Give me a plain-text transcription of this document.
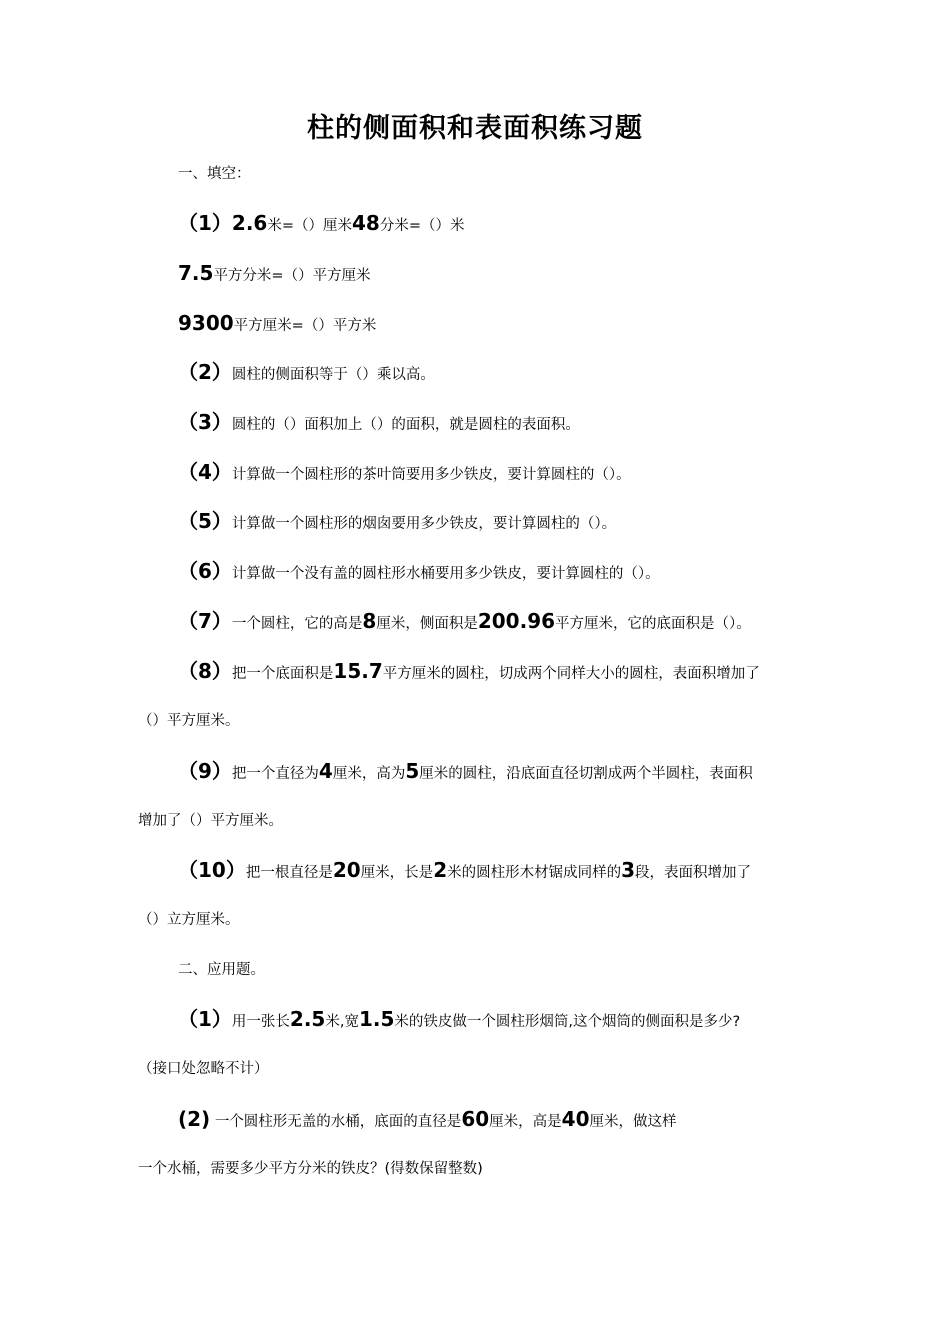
柱的侧面积和表面积练习题
一、填空：
（1）2.6米=（）厘米48分米=（）米
7.5平方分米=（）平方厘米
9300平方厘米=（）平方米
（2）圆柱的侧面积等于（）乘以高。
（3）圆柱的（）面积加上（）的面积，就是圆柱的表面积。
（4）计算做一个圆柱形的茶叶筒要用多少铁皮，要计算圆柱的（）。
（5）计算做一个圆柱形的烟囱要用多少铁皮，要计算圆柱的（）。
（6）计算做一个没有盖的圆柱形水桶要用多少铁皮，要计算圆柱的（）。
（7）一个圆柱，它的高是8厘米，侧面积是200.96平方厘米，它的底面积是（）。
（8）把一个底面积是15.7平方厘米的圆柱，切成两个同样大小的圆柱，表面积增加了
（）平方厘米。
（9）把一个直径为4厘米，高为5厘米的圆柱，沿底面直径切割成两个半圆柱，表面积
增加了（）平方厘米。
（10）把一根直径是20厘米，长是2米的圆柱形木材锯成同样的3段，表面积增加了
（）立方厘米。
二、应用题。
（1）用一张长2.5米,宽1.5米的铁皮做一个圆柱形烟筒,这个烟筒的侧面积是多少?
（接口处忽略不计）
(2) 一个圆柱形无盖的水桶，底面的直径是60厘米，高是40厘米，做这样
一个水桶，需要多少平方分米的铁皮？(得数保留整数)
